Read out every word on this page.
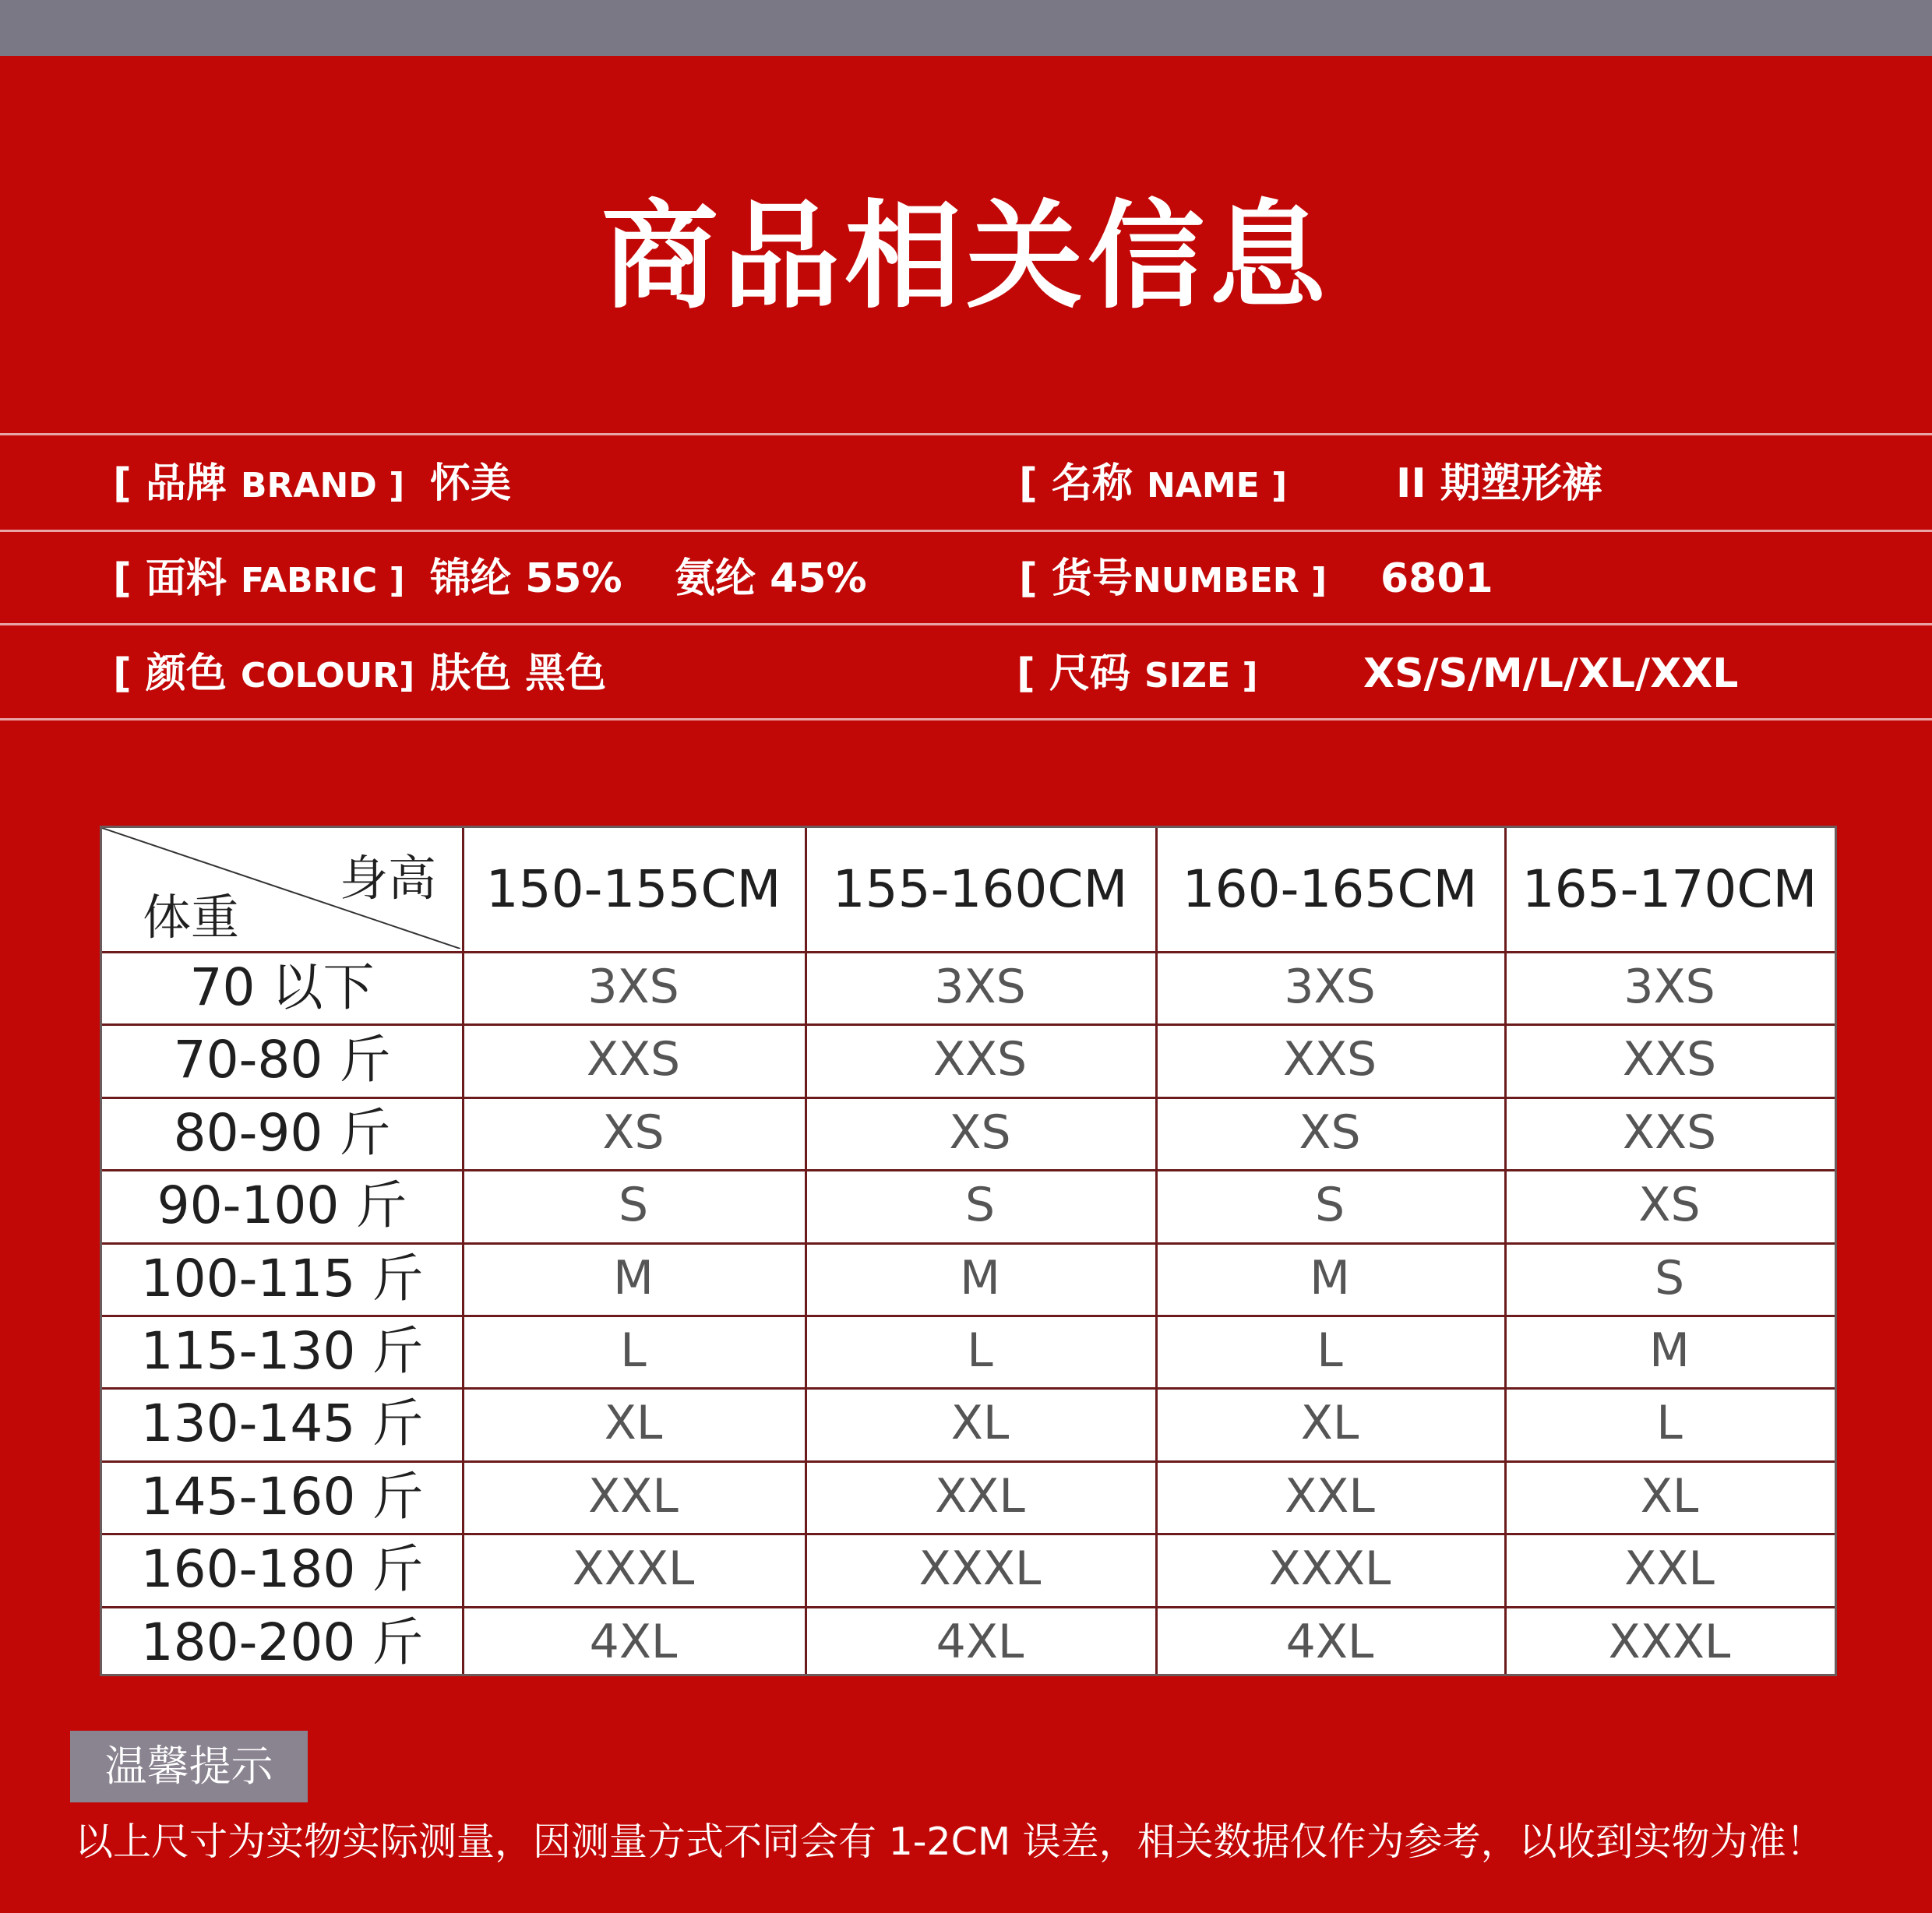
商品相关信息
[ 品牌 BRAND ] 怀美	[ 名称 NAME ]	II 期塑形裤
[ 面料 FABRIC ] 锦纶 55% 氨纶 45%	[ 货号NUMBER ] 6801
[ 颜色 COLOUR] 肤色 黑色	[ 尺码 SIZE ]	XS/S/M/L/XL/XXL
身高
体重	150-155CM	155-160CM	160-165CM 165-170CM
70 以下	3XS	3XS	3XS	3XS
70-80 斤	XXS	XXS	XXS	XXS
80-90 斤	XS	XS	XS	XXS
90-100 斤	S	S	S	XS
100-115 斤	M	M	M	S
115-130 斤	L	L	L	M
130-145 斤	XL	XL	XL	L
145-160 斤	XXL	XXL	XXL	XL
160-180 斤	XXXL	XXXL	XXXL	XXL
180-200 斤	4XL	4XL	4XL	XXXL
温馨提示
以上尺寸为实物实际测量，因测量方式不同会有 1-2CM 误差，相关数据仅作为参考，以收到实物为准！
